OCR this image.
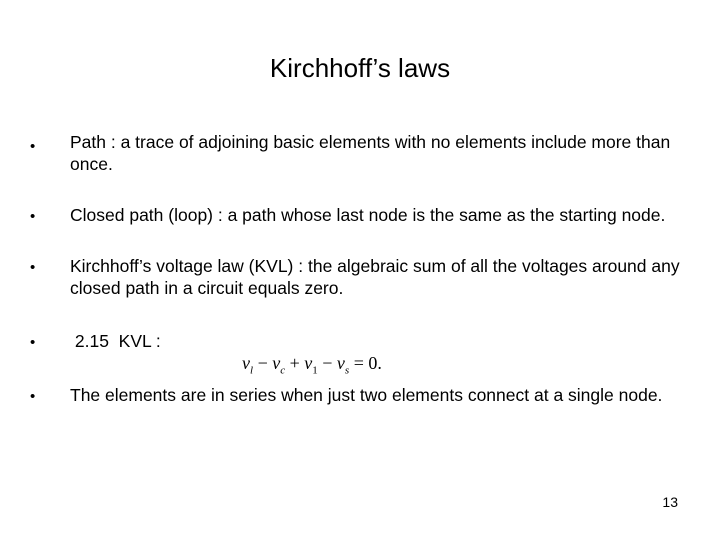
Kirchhoff’s laws
• Path : a trace of adjoining basic elements with no elements include more than once.
• Closed path (loop) : a path whose last node is the same as the starting node.
• Kirchhoff’s voltage law (KVL) : the algebraic sum of all the voltages around any closed path in a circuit equals zero.
• 2.15  KVL :
$v_l - v_c + v_1 - v_s = 0$.
• The elements are in series when just two elements connect at a single node.
13
